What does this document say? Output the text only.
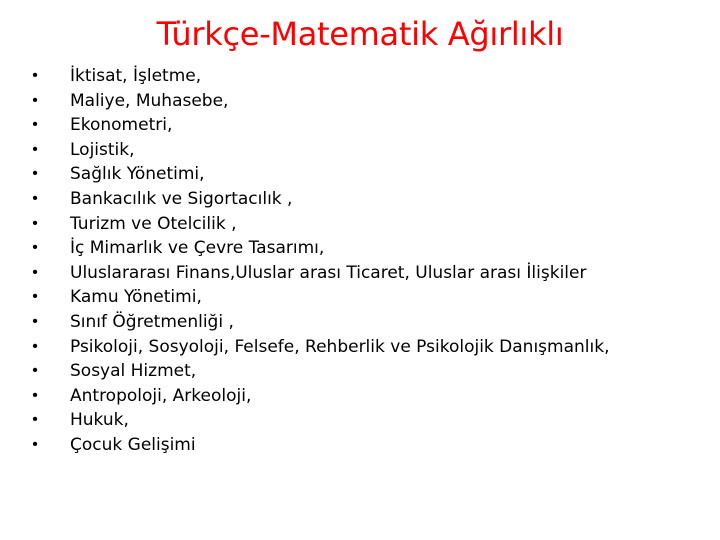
Türkçe-Matematik Ağırlıklı
• İktisat, İşletme,
• Maliye, Muhasebe,
• Ekonometri,
• Lojistik,
• Sağlık Yönetimi,
• Bankacılık ve Sigortacılık ,
• Turizm ve Otelcilik ,
• İç Mimarlık ve Çevre Tasarımı,
• Uluslararası Finans,Uluslar arası Ticaret, Uluslar arası İlişkiler
• Kamu Yönetimi,
• Sınıf Öğretmenliği ,
• Psikoloji, Sosyoloji, Felsefe, Rehberlik ve Psikolojik Danışmanlık,
• Sosyal Hizmet,
• Antropoloji, Arkeoloji,
• Hukuk,
• Çocuk Gelişimi
